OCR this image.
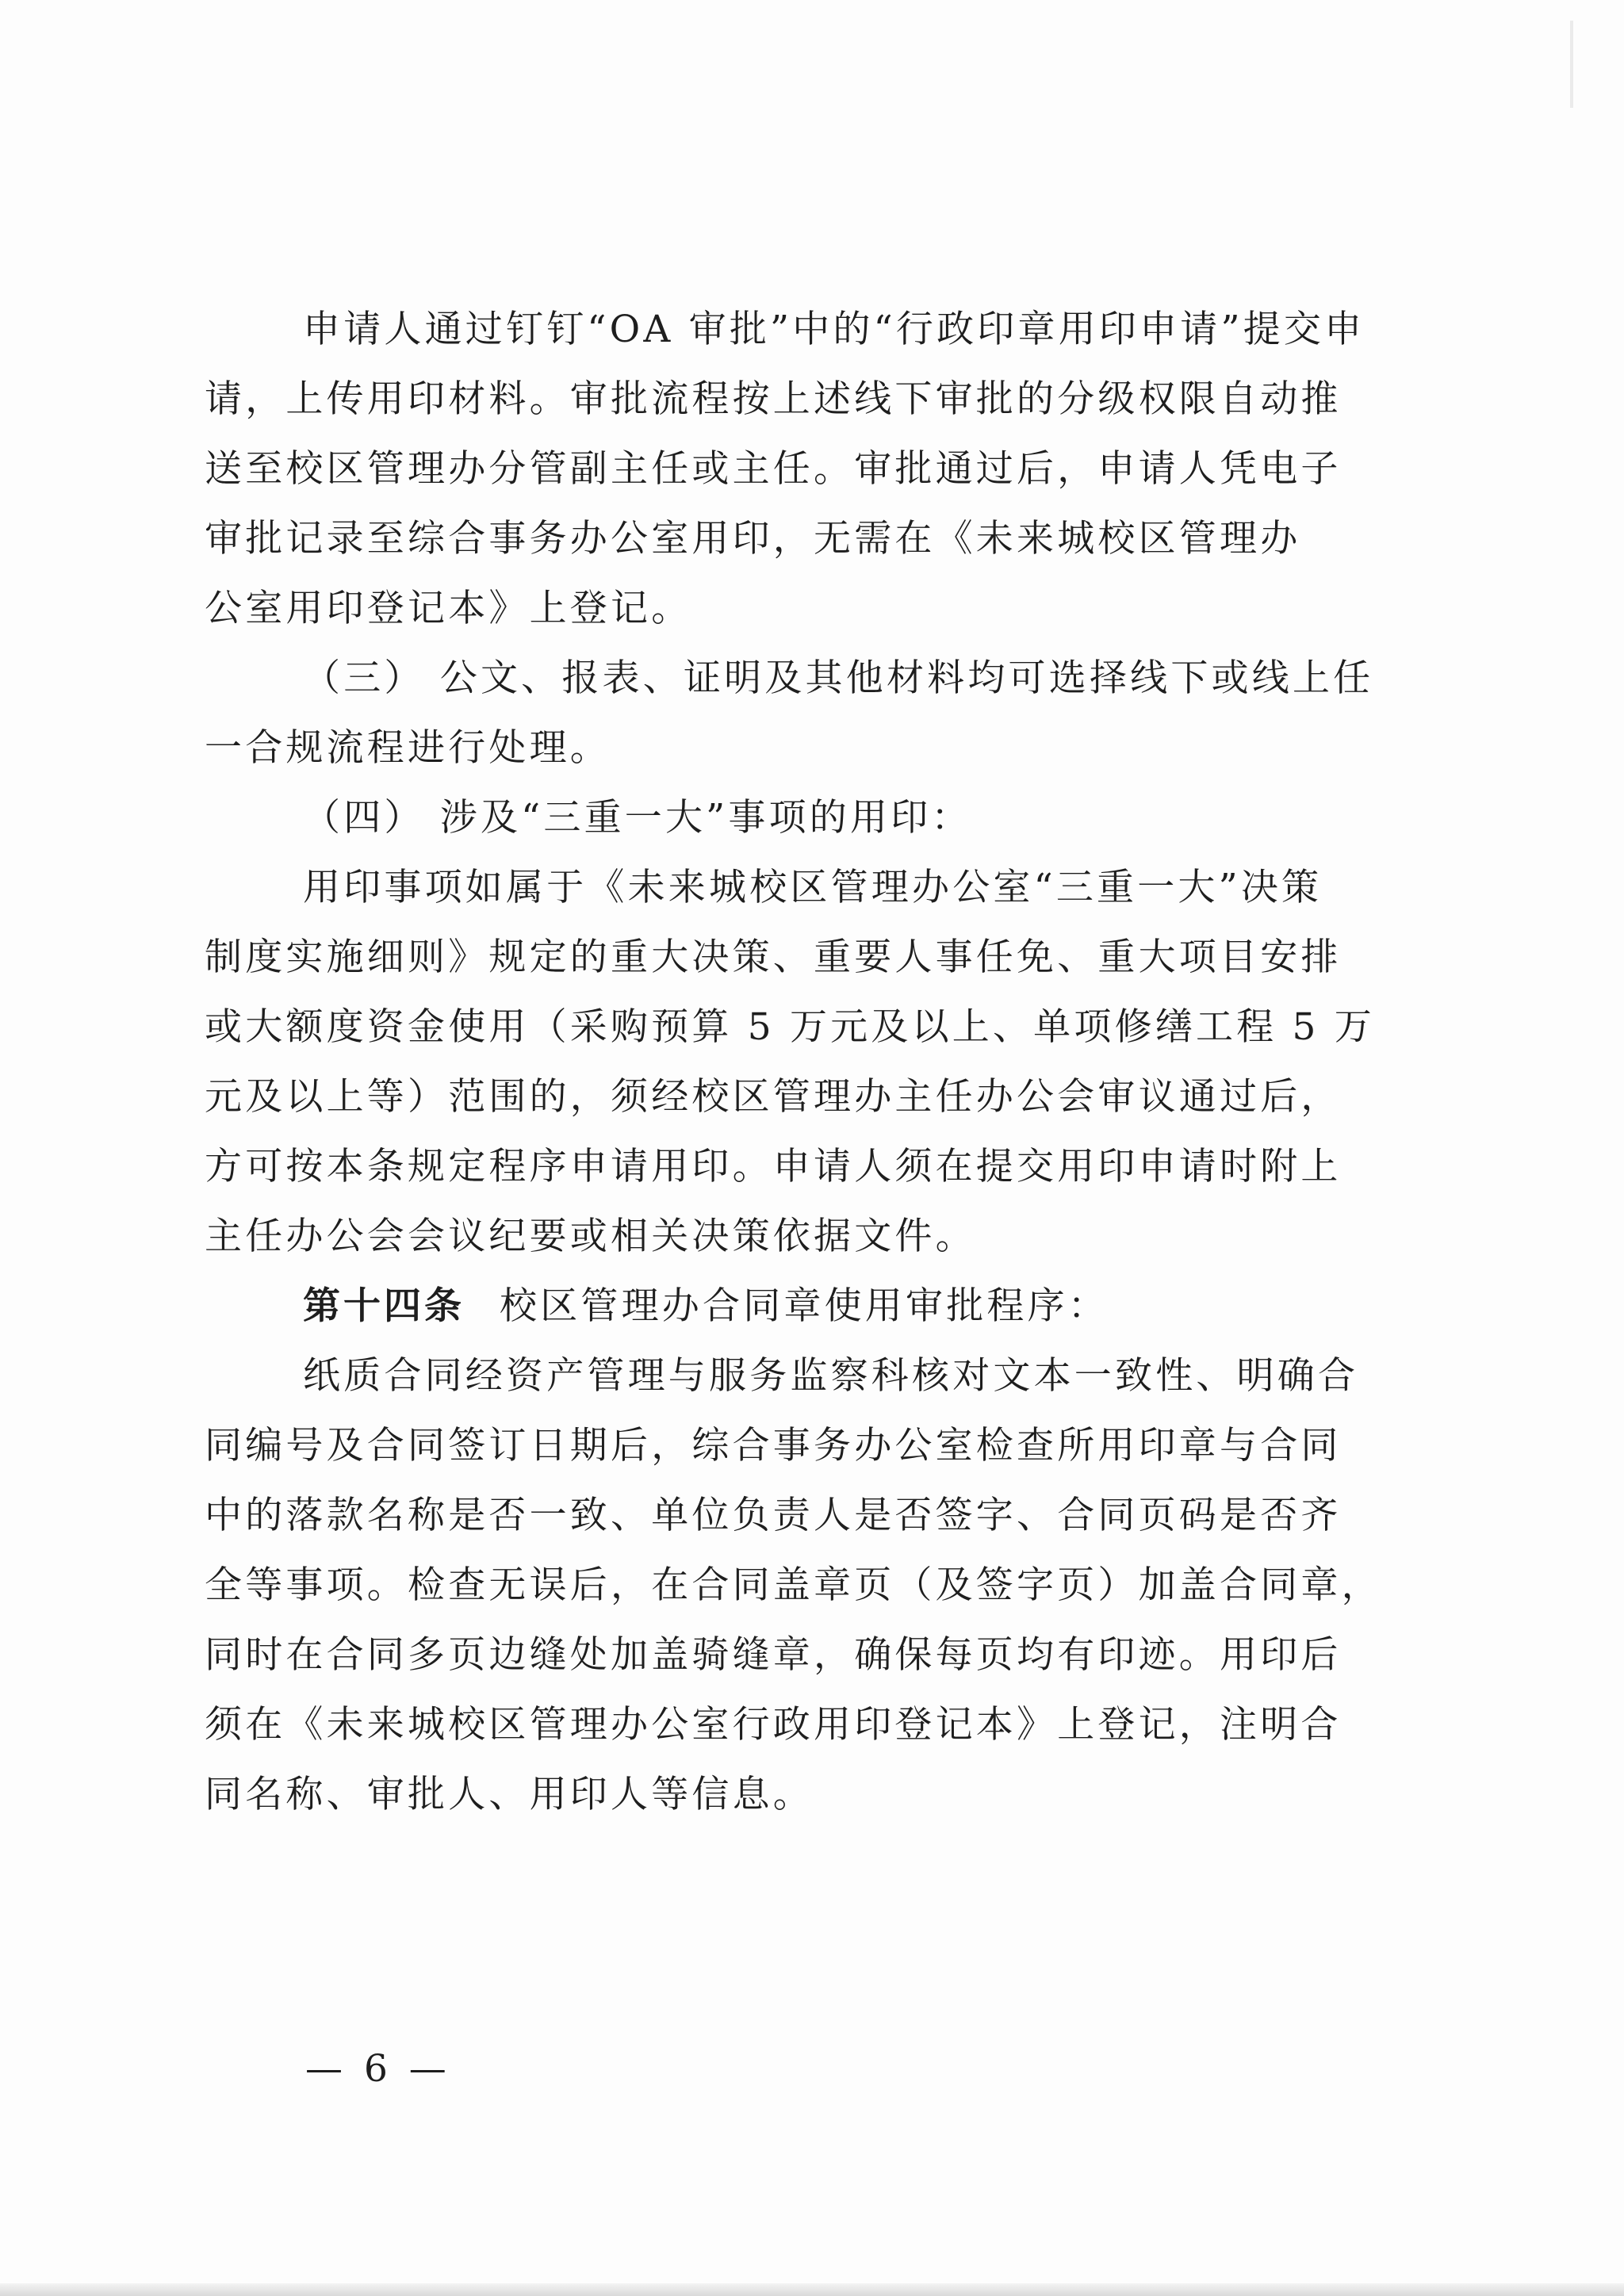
申请人通过钉钉“OA 审批”中的“行政印章用印申请”提交申
请，上传用印材料。审批流程按上述线下审批的分级权限自动推
送至校区管理办分管副主任或主任。审批通过后，申请人凭电子
审批记录至综合事务办公室用印，无需在《未来城校区管理办
公室用印登记本》上登记。
（三） 公文、报表、证明及其他材料均可选择线下或线上任
一合规流程进行处理。
（四） 涉及“三重一大”事项的用印：
用印事项如属于《未来城校区管理办公室“三重一大”决策
制度实施细则》规定的重大决策、重要人事任免、重大项目安排
或大额度资金使用（采购预算 5 万元及以上、单项修缮工程 5 万
元及以上等）范围的，须经校区管理办主任办公会审议通过后，
方可按本条规定程序申请用印。申请人须在提交用印申请时附上
主任办公会会议纪要或相关决策依据文件。
第十四条 校区管理办合同章使用审批程序：
纸质合同经资产管理与服务监察科核对文本一致性、明确合
同编号及合同签订日期后，综合事务办公室检查所用印章与合同
中的落款名称是否一致、单位负责人是否签字、合同页码是否齐
全等事项。检查无误后，在合同盖章页（及签字页）加盖合同章，
同时在合同多页边缝处加盖骑缝章，确保每页均有印迹。用印后
须在《未来城校区管理办公室行政用印登记本》上登记，注明合
同名称、审批人、用印人等信息。
— 6 —
